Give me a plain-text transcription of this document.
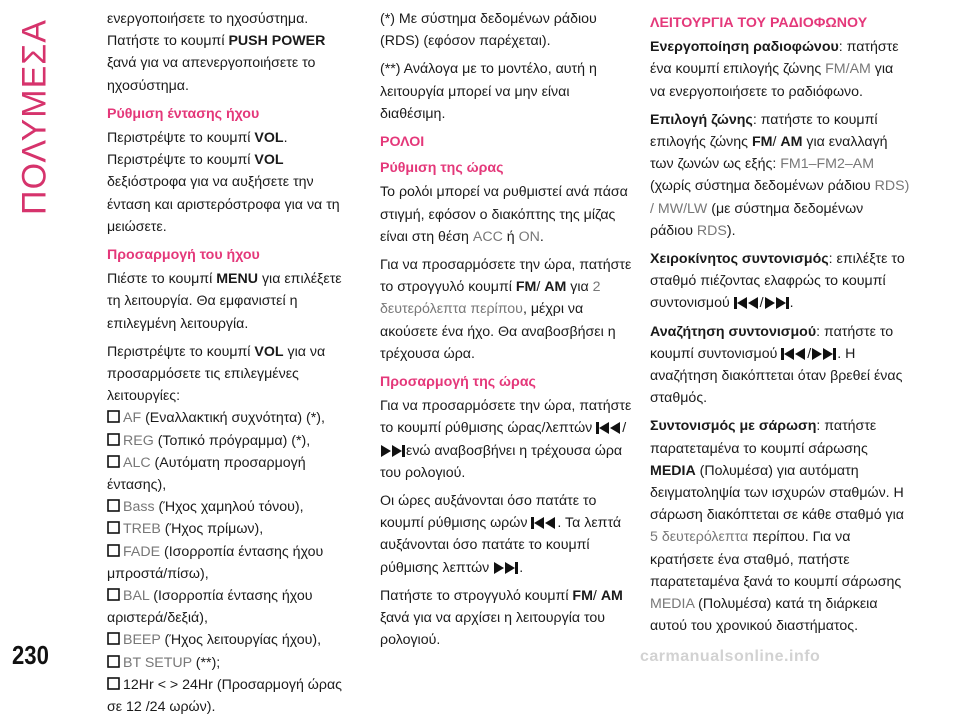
ΠΟΛΥΜΕΣΑ

ενεργοποιήσετε το ηχοσύστημα.
Πατήστε το κουμπί PUSH POWER ξανά για να απενεργοποιήσετε το ηχοσύστημα.

Ρύθμιση έντασης ήχου

Περιστρέψτε το κουμπί VOL.
Περιστρέψτε το κουμπί VOL δεξιόστροφα για να αυξήσετε την ένταση και αριστερόστροφα για να τη μειώσετε.

Προσαρμογή του ήχου

Πιέστε το κουμπί MENU για επιλέξετε τη λειτουργία. Θα εμφανιστεί η επιλεγμένη λειτουργία.

Περιστρέψτε το κουμπί VOL για να προσαρμόσετε τις επιλεγμένες λειτουργίες:

AF (Εναλλακτική συχνότητα) (*),
REG (Τοπικό πρόγραμμα) (*),
ALC (Αυτόματη προσαρμογή έντασης),
Bass (Ήχος χαμηλού τόνου),
TREB (Ήχος πρίμων),
FADE (Ισορροπία έντασης ήχου μπροστά/πίσω),
BAL (Ισορροπία έντασης ήχου αριστερά/δεξιά),
BEEP (Ήχος λειτουργίας ήχου),
BT SETUP (**);
12Hr < > 24Hr (Προσαρμογή ώρας σε 12 /24 ωρών).

(*) Με σύστημα δεδομένων ράδιου (RDS) (εφόσον παρέχεται).

(**) Ανάλογα με το μοντέλο, αυτή η λειτουργία μπορεί να μην είναι διαθέσιμη.

ΡΟΛΟΙ
Ρύθμιση της ώρας

Το ρολόι μπορεί να ρυθμιστεί ανά πάσα στιγμή, εφόσον ο διακόπτης της μίζας είναι στη θέση ACC ή ON.

Για να προσαρμόσετε την ώρα, πατήστε το στρογγυλό κουμπί FM/ AM για 2 δευτερόλεπτα περίπου, μέχρι να ακούσετε ένα ήχο. Θα αναβοσβήσει η τρέχουσα ώρα.

Προσαρμογή της ώρας

Για να προσαρμόσετε την ώρα, πατήστε το κουμπί ρύθμισης ώρας/λεπτών /ενώ αναβοσβήνει η τρέχουσα ώρα του ρολογιού.

Οι ώρες αυξάνονται όσο πατάτε το κουμπί ρύθμισης ωρών . Τα λεπτά αυξάνονται όσο πατάτε το κουμπί ρύθμισης λεπτών .

Πατήστε το στρογγυλό κουμπί FM/ AM ξανά για να αρχίσει η λειτουργία του ρολογιού.

ΛΕΙΤΟΥΡΓΙΑ ΤΟΥ ΡΑΔΙΟΦΩΝΟΥ

Ενεργοποίηση ραδιοφώνου: πατήστε ένα κουμπί επιλογής ζώνης FM/AM για να ενεργοποιήσετε το ραδιόφωνο.

Επιλογή ζώνης: πατήστε το κουμπί επιλογής ζώνης FM/ AM για εναλλαγή των ζωνών ως εξής: FM1–FM2–AM (χωρίς σύστημα δεδομένων ράδιου RDS) / MW/LW (με σύστημα δεδομένων ράδιου RDS).

Χειροκίνητος συντονισμός: επιλέξτε το σταθμό πιέζοντας ελαφρώς το κουμπί συντονισμού / .

Αναζήτηση συντονισμού: πατήστε το κουμπί συντονισμού / . Η αναζήτηση διακόπτεται όταν βρεθεί ένας σταθμός.

Συντονισμός με σάρωση: πατήστε παρατεταμένα το κουμπί σάρωσης MEDIA (Πολυμέσα) για αυτόματη δειγματοληψία των ισχυρών σταθμών. Η σάρωση διακόπτεται σε κάθε σταθμό για 5 δευτερόλεπτα περίπου. Για να κρατήσετε ένα σταθμό, πατήστε παρατεταμένα ξανά το κουμπί σάρωσης MEDIA (Πολυμέσα) κατά τη διάρκεια αυτού του χρονικού διαστήματος.

230	carmanualsonline.info
